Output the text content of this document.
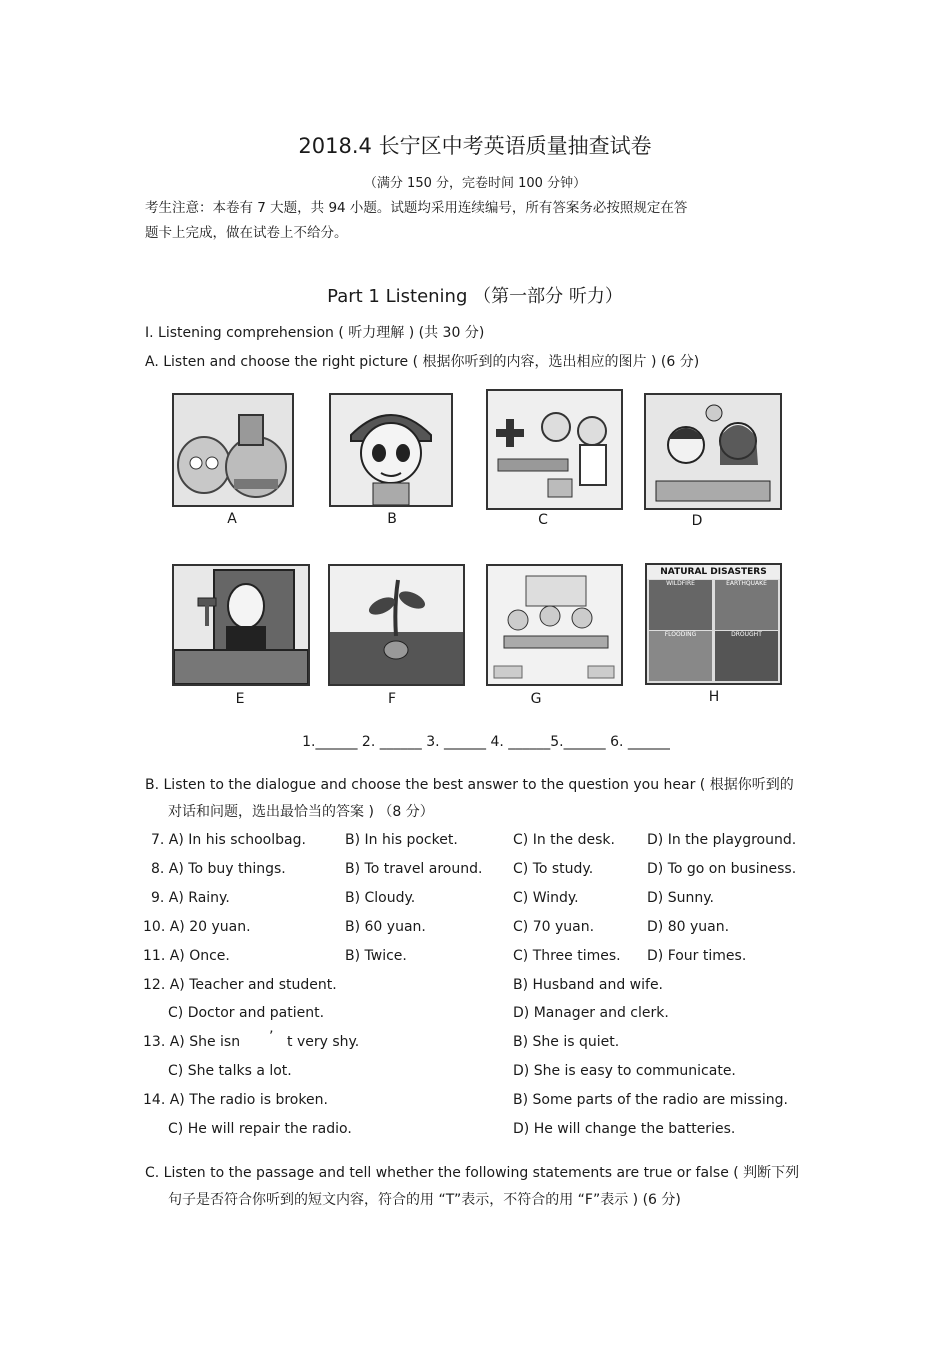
2018.4 长宁区中考英语质量抽查试卷
（满分 150 分，完卷时间 100 分钟）
考生注意：本卷有 7 大题，共 94 小题。试题均采用连续编号，所有答案务必按照规定在答
题卡上完成，做在试卷上不给分。
Part 1 Listening （第一部分 听力）
I. Listening comprehension ( 听力理解 ) (共 30 分)
A. Listen and choose the right picture ( 根据你听到的内容，选出相应的图片 ) (6 分)
A	B	C	D
NATURAL DISASTERS
WILDFIRE	EARTHQUAKE
FLOODING	DROUGHT
E	F	G	H
1.______ 2. ______ 3. ______ 4. ______5.______ 6. ______
B. Listen to the dialogue and choose the best answer to the question you hear ( 根据你听到的
对话和问题，选出最恰当的答案 ) （8 分）
7. A) In his schoolbag.	B) In his pocket.	C) In the desk. D) In the playground.
8. A) To buy things.	B) To travel around. C) To study.	D) To go on business.
9. A) Rainy.	B) Cloudy.	C) Windy.	D) Sunny.
10. A) 20 yuan.	B) 60 yuan.	C) 70 yuan.	D) 80 yuan.
11. A) Once.	B) Twice.	C) Three times. D) Four times.
12. A) Teacher and student.	B) Husband and wife.
C) Doctor and patient.	D) Manager and clerk.
13. A) She isn ’ t very shy.	B) She is quiet.
C) She talks a lot.	D) She is easy to communicate.
14. A) The radio is broken.	B) Some parts of the radio are missing.
C) He will repair the radio.	D) He will change the batteries.
C. Listen to the passage and tell whether the following statements are true or false ( 判断下列
句子是否符合你听到的短文内容，符合的用 “T”表示，不符合的用 “F”表示 ) (6 分)
